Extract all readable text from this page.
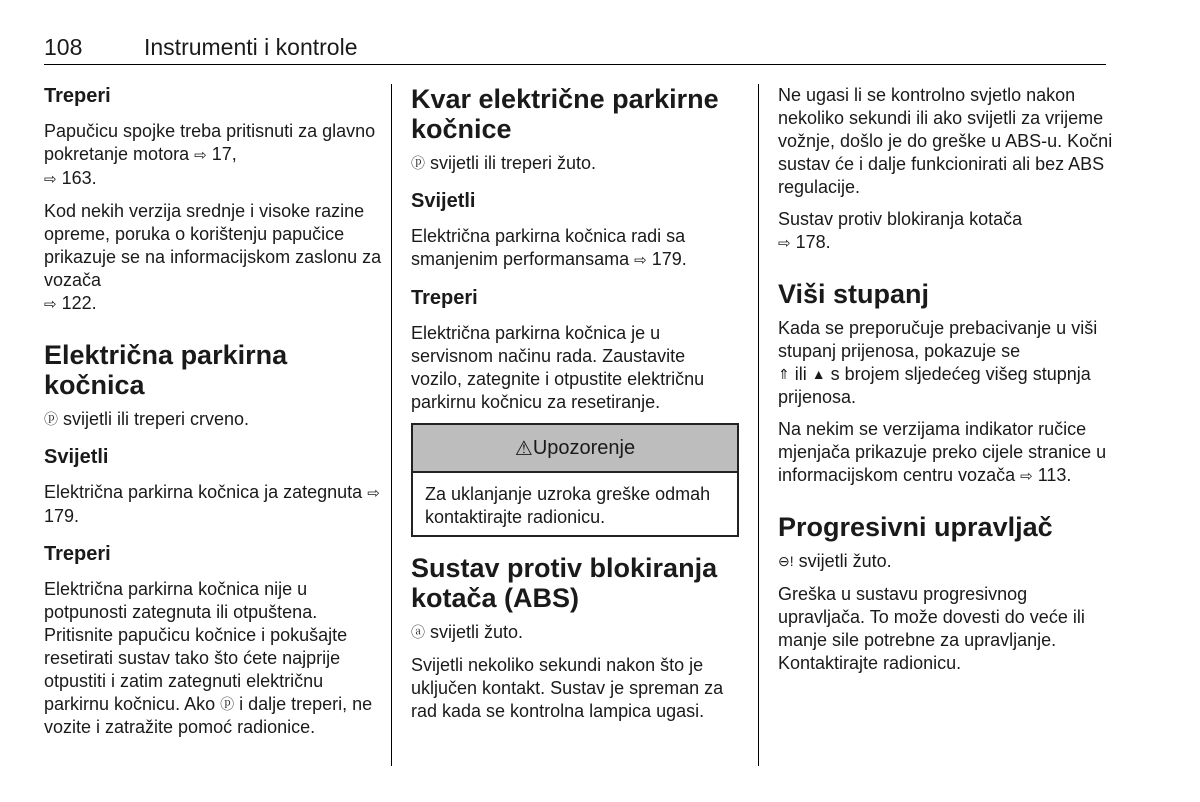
108	Instrumenti i kontrole
Treperi

Papučicu spojke treba pritisnuti za glavno pokretanje motora ⇨ 17,
⇨ 163.

Kod nekih verzija srednje i visoke razine opreme, poruka o korištenju papučice prikazuje se na informacijskom zaslonu za vozača
⇨ 122.

Električna parkirna kočnica

ⓟ svijetli ili treperi crveno.

Svijetli

Električna parkirna kočnica ja zategnuta ⇨ 179.

Treperi

Električna parkirna kočnica nije u potpunosti zategnuta ili otpuštena. Pritisnite papučicu kočnice i pokušajte resetirati sustav tako što ćete najprije otpustiti i zatim zategnuti električnu parkirnu kočnicu. Ako ⓟ i dalje treperi, ne vozite i zatražite pomoć radionice.

Kvar električne parkirne kočnice

ⓟ svijetli ili treperi žuto.

Svijetli

Električna parkirna kočnica radi sa smanjenim performansama ⇨ 179.

Treperi

Električna parkirna kočnica je u servisnom načinu rada. Zaustavite vozilo, zategnite i otpustite električnu parkirnu kočnicu za resetiranje.

⚠ Upozorenje
Za uklanjanje uzroka greške odmah kontaktirajte radionicu.
Sustav protiv blokiranja kotača (ABS)

ⓐ svijetli žuto.

Svijetli nekoliko sekundi nakon što je uključen kontakt. Sustav je spreman za rad kada se kontrolna lampica ugasi.

Ne ugasi li se kontrolno svjetlo nakon nekoliko sekundi ili ako svijetli za vrijeme vožnje, došlo je do greške u ABS-u. Kočni sustav će i dalje funkcionirati ali bez ABS regulacije.

Sustav protiv blokiranja kotača
⇨ 178.

Viši stupanj

Kada se preporučuje prebacivanje u viši stupanj prijenosa, pokazuje se
⇑ ili ▲ s brojem sljedećeg višeg stupnja prijenosa.

Na nekim se verzijama indikator ručice mjenjača prikazuje preko cijele stranice u informacijskom centru vozača ⇨ 113.

Progresivni upravljač

⊖! svijetli žuto.

Greška u sustavu progresivnog upravljača. To može dovesti do veće ili manje sile potrebne za upravljanje. Kontaktirajte radionicu.
